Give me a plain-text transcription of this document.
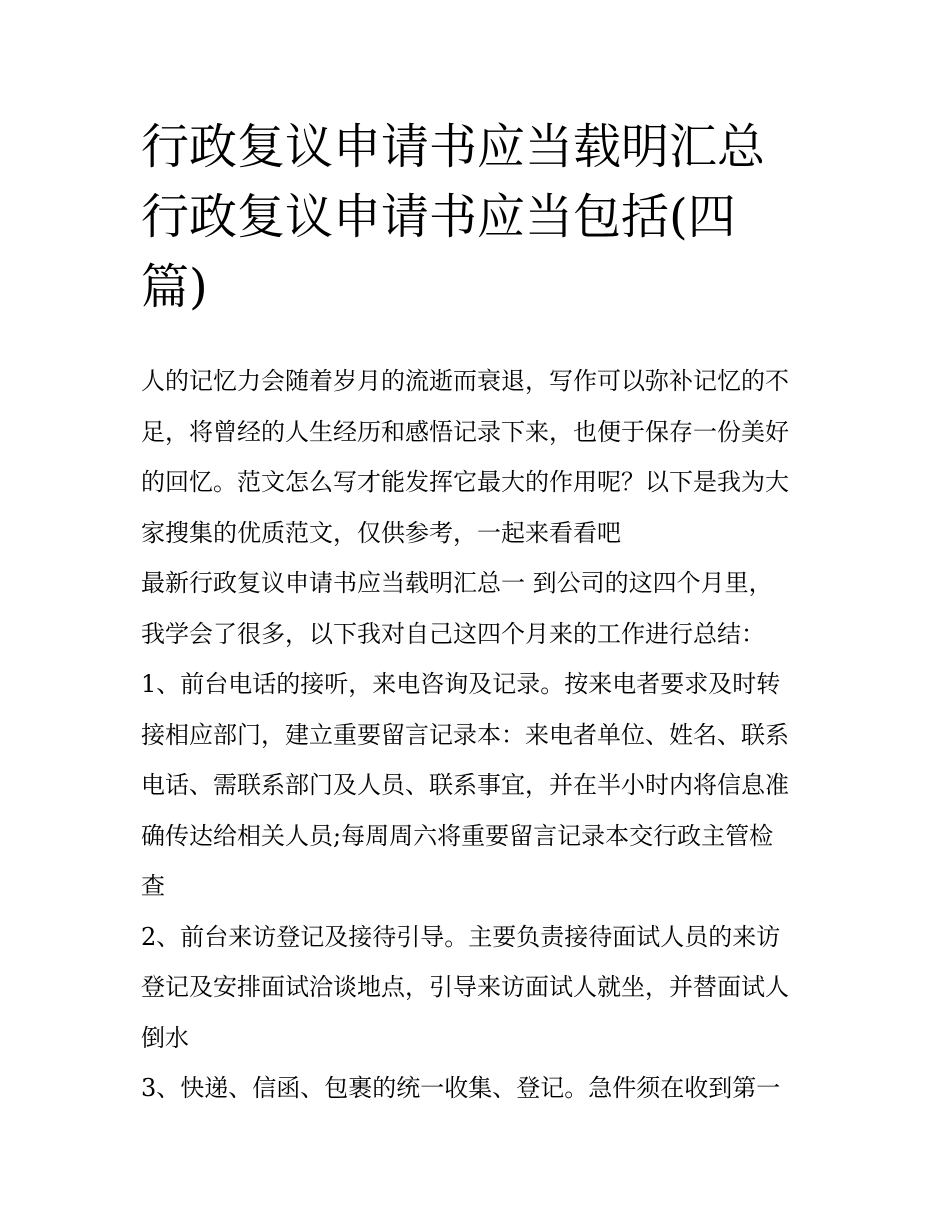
行政复议申请书应当载明汇总
行政复议申请书应当包括(四
篇)
人的记忆力会随着岁月的流逝而衰退，写作可以弥补记忆的不
足，将曾经的人生经历和感悟记录下来，也便于保存一份美好
的回忆。范文怎么写才能发挥它最大的作用呢？以下是我为大
家搜集的优质范文，仅供参考，一起来看看吧
最新行政复议申请书应当载明汇总一 到公司的这四个月里，
我学会了很多，以下我对自己这四个月来的工作进行总结：
1、前台电话的接听，来电咨询及记录。按来电者要求及时转
接相应部门，建立重要留言记录本：来电者单位、姓名、联系
电话、需联系部门及人员、联系事宜，并在半小时内将信息准
确传达给相关人员;每周周六将重要留言记录本交行政主管检
查
2、前台来访登记及接待引导。主要负责接待面试人员的来访
登记及安排面试洽谈地点，引导来访面试人就坐，并替面试人
倒水
3、快递、信函、包裹的统一收集、登记。急件须在收到第一
